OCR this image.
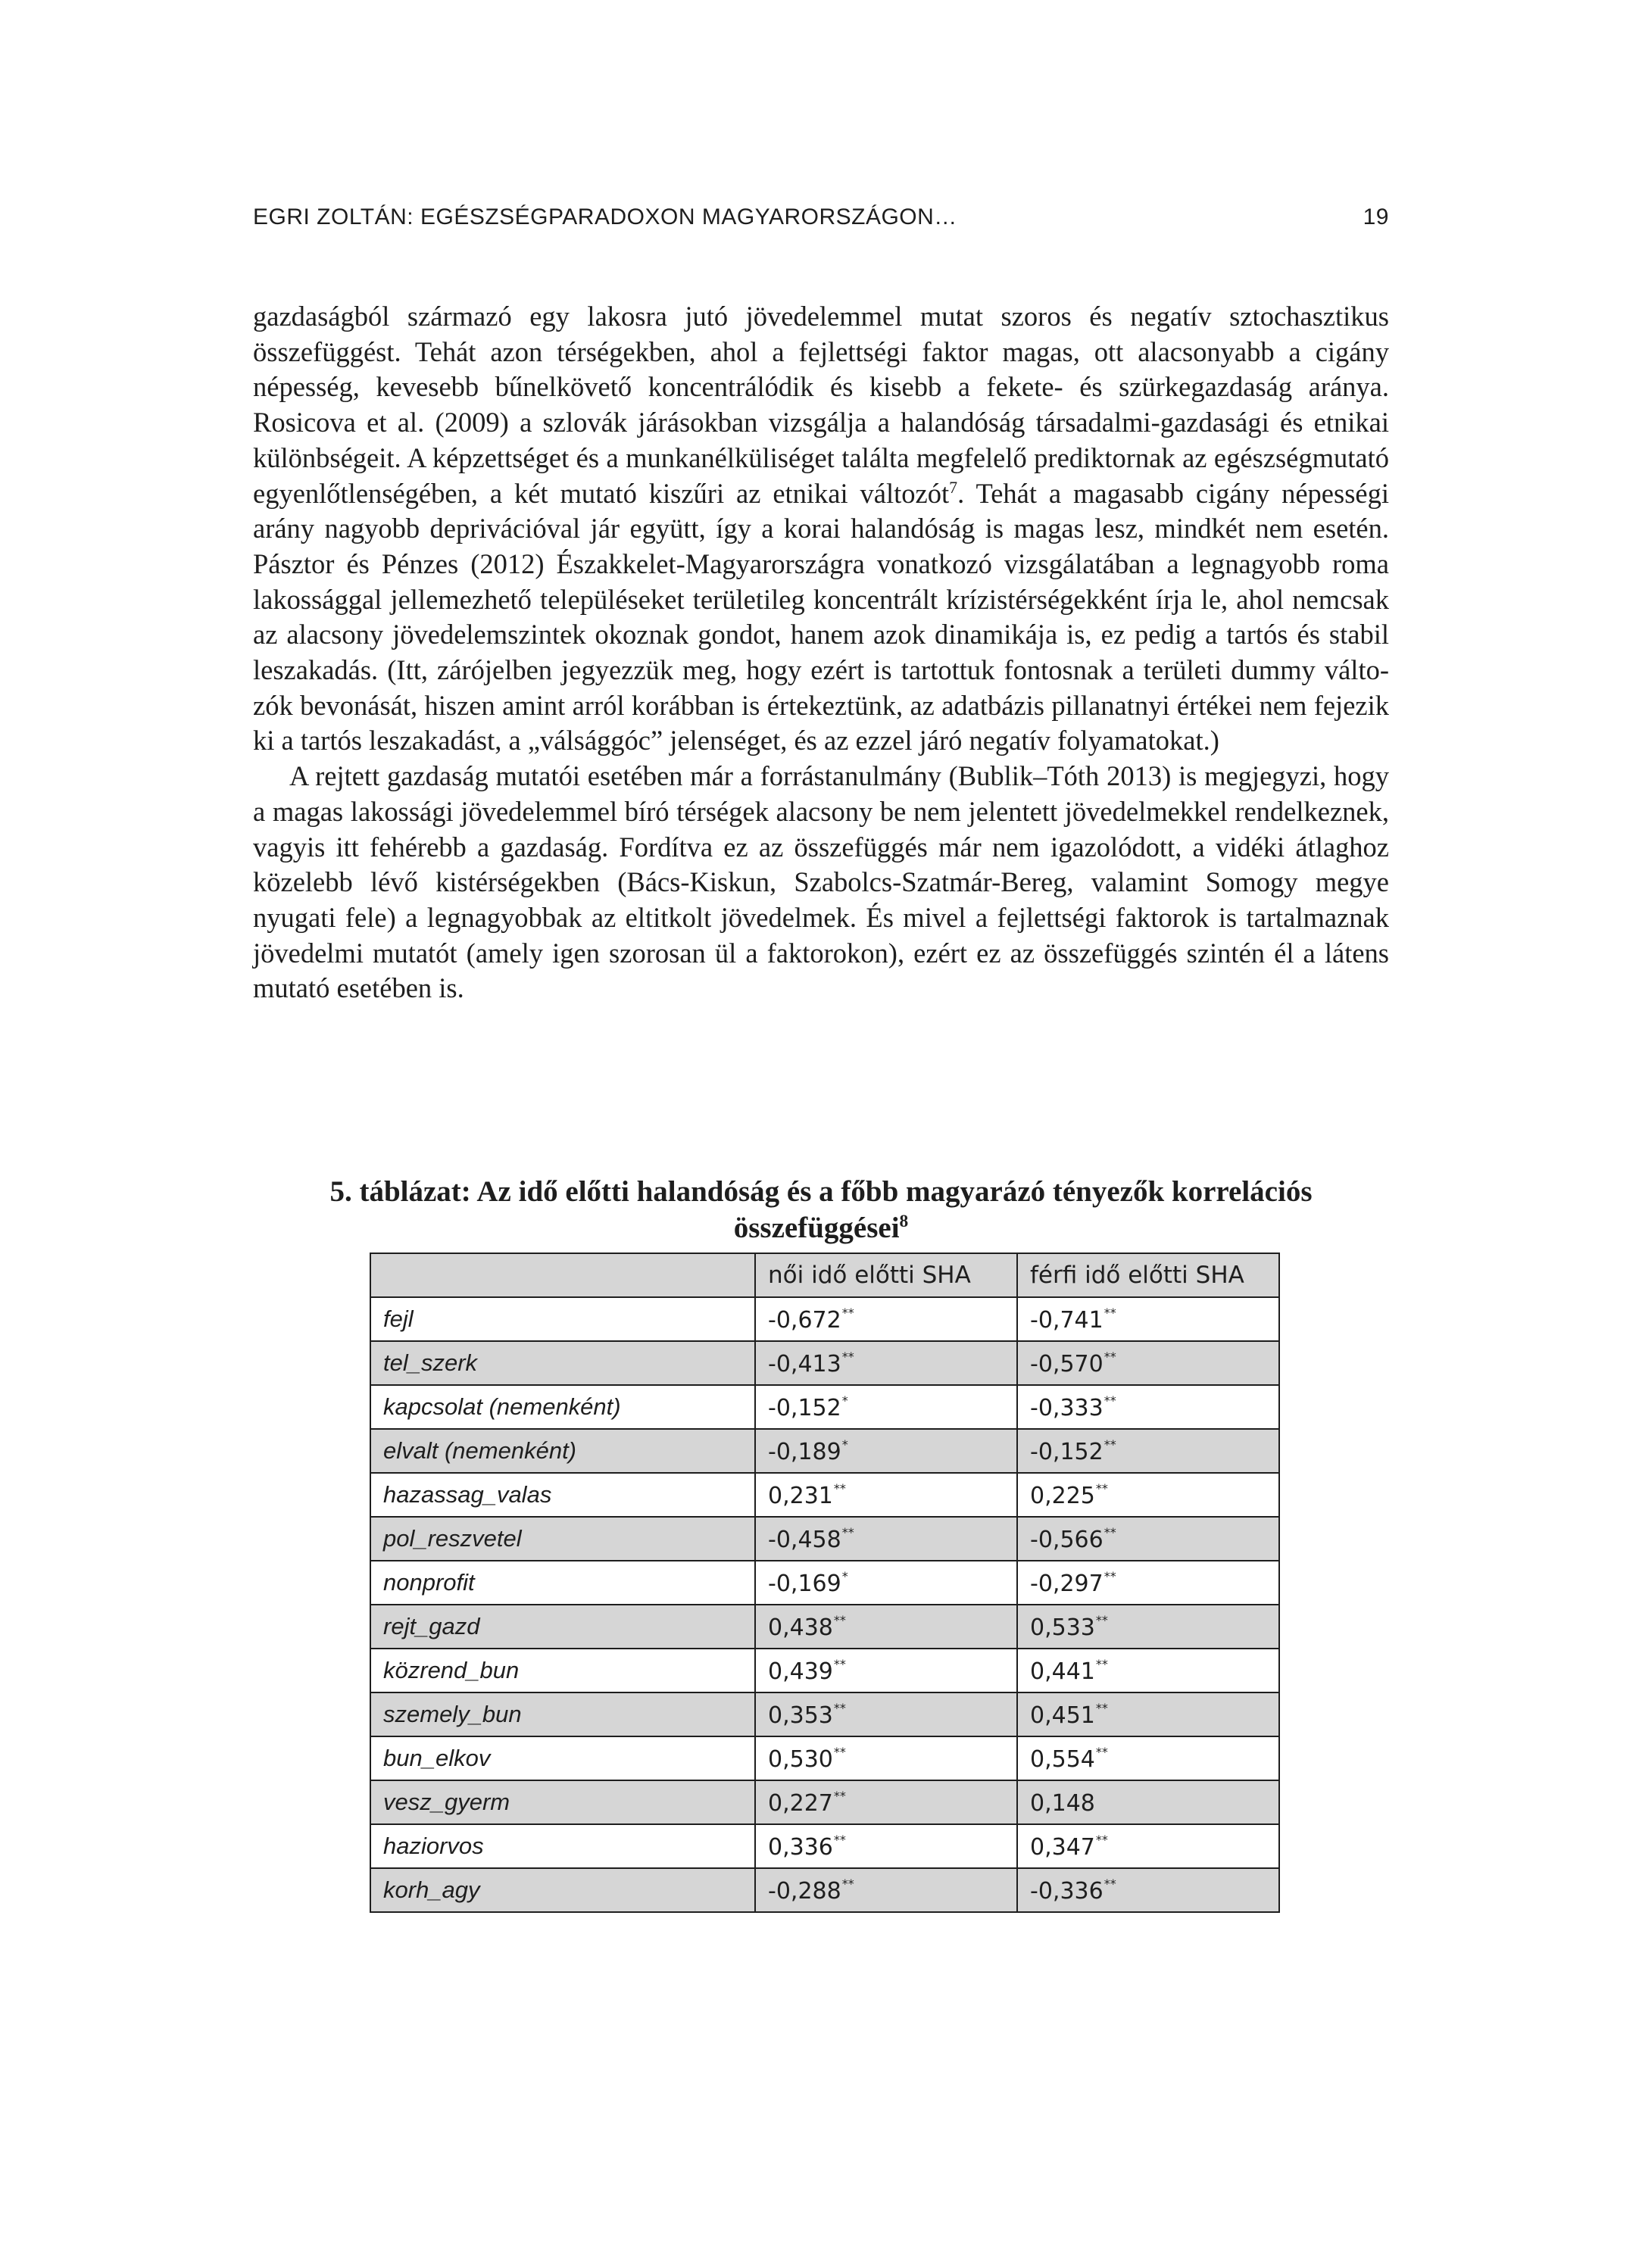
EGRI ZOLTÁN: EGÉSZSÉGPARADOXON MAGYARORSZÁGON…	19

gazdaságból származó egy lakosra jutó jövedelemmel mutat szoros és negatív sztochasztikus összefüggést. Tehát azon térségekben, ahol a fejlettségi faktor magas, ott alacsonyabb a cigány népesség, kevesebb bűnelkövető koncentrálódik és kisebb a fekete- és szürkegazdaság aránya. Rosicova et al. (2009) a szlovák járásokban vizsgálja a halandóság társadalmi-gazdasági és etnikai különbségeit. A képzettséget és a munkanélküliséget találta megfelelő prediktornak az egészségmutató egyenlőtlenségében, a két mutató kiszűri az etnikai változót$^7$. Tehát a magasabb cigány népességi arány nagyobb deprivációval jár együtt, így a korai halandóság is magas lesz, mindkét nem esetén. Pásztor és Pénzes (2012) Északkelet-Magyarországra vonatkozó vizsgálatában a legnagyobb roma lakossággal jellemezhető településeket területileg koncentrált krízistérségekként írja le, ahol nemcsak az alacsony jövedelemszintek okoznak gondot, hanem azok dinamikája is, ez pedig a tartós és stabil leszakadás. (Itt, zárójelben jegyezzük meg, hogy ezért is tartottuk fontosnak a területi dummy változók bevonását, hiszen amint arról korábban is értekeztünk, az adatbázis pillanatnyi értékei nem fejezik ki a tartós leszakadást, a „válsággóc” jelenséget, és az ezzel járó negatív folyamatokat.)

A rejtett gazdaság mutatói esetében már a forrástanulmány (Bublik–Tóth 2013) is megjegyzi, hogy a magas lakossági jövedelemmel bíró térségek alacsony be nem jelentett jövedelmekkel rendelkeznek, vagyis itt fehérebb a gazdaság. Fordítva ez az összefüggés már nem igazolódott, a vidéki átlaghoz közelebb lévő kistérségekben (Bács-Kiskun, Szabolcs-Szatmár-Bereg, valamint Somogy megye nyugati fele) a legnagyobbak az eltitkolt jövedelmek. És mivel a fejlettségi faktorok is tartalmaznak jövedelmi mutatót (amely igen szorosan ül a faktorokon), ezért ez az összefüggés szintén él a látens mutató esetében is.

5. táblázat: Az idő előtti halandóság és a főbb magyarázó tényezők korrelációs
összefüggései$^8$
	női idő előtti SHA	férfi idő előtti SHA
fejl	-0,672**	-0,741**
tel_szerk	-0,413**	-0,570**
kapcsolat (nemenként)	-0,152*	-0,333**
elvalt (nemenként)	-0,189*	-0,152**
hazassag_valas	0,231**	0,225**
pol_reszvetel	-0,458**	-0,566**
nonprofit	-0,169*	-0,297**
rejt_gazd	0,438**	0,533**
közrend_bun	0,439**	0,441**
szemely_bun	0,353**	0,451**
bun_elkov	0,530**	0,554**
vesz_gyerm	0,227**	0,148
haziorvos	0,336**	0,347**
korh_agy	-0,288**	-0,336**
